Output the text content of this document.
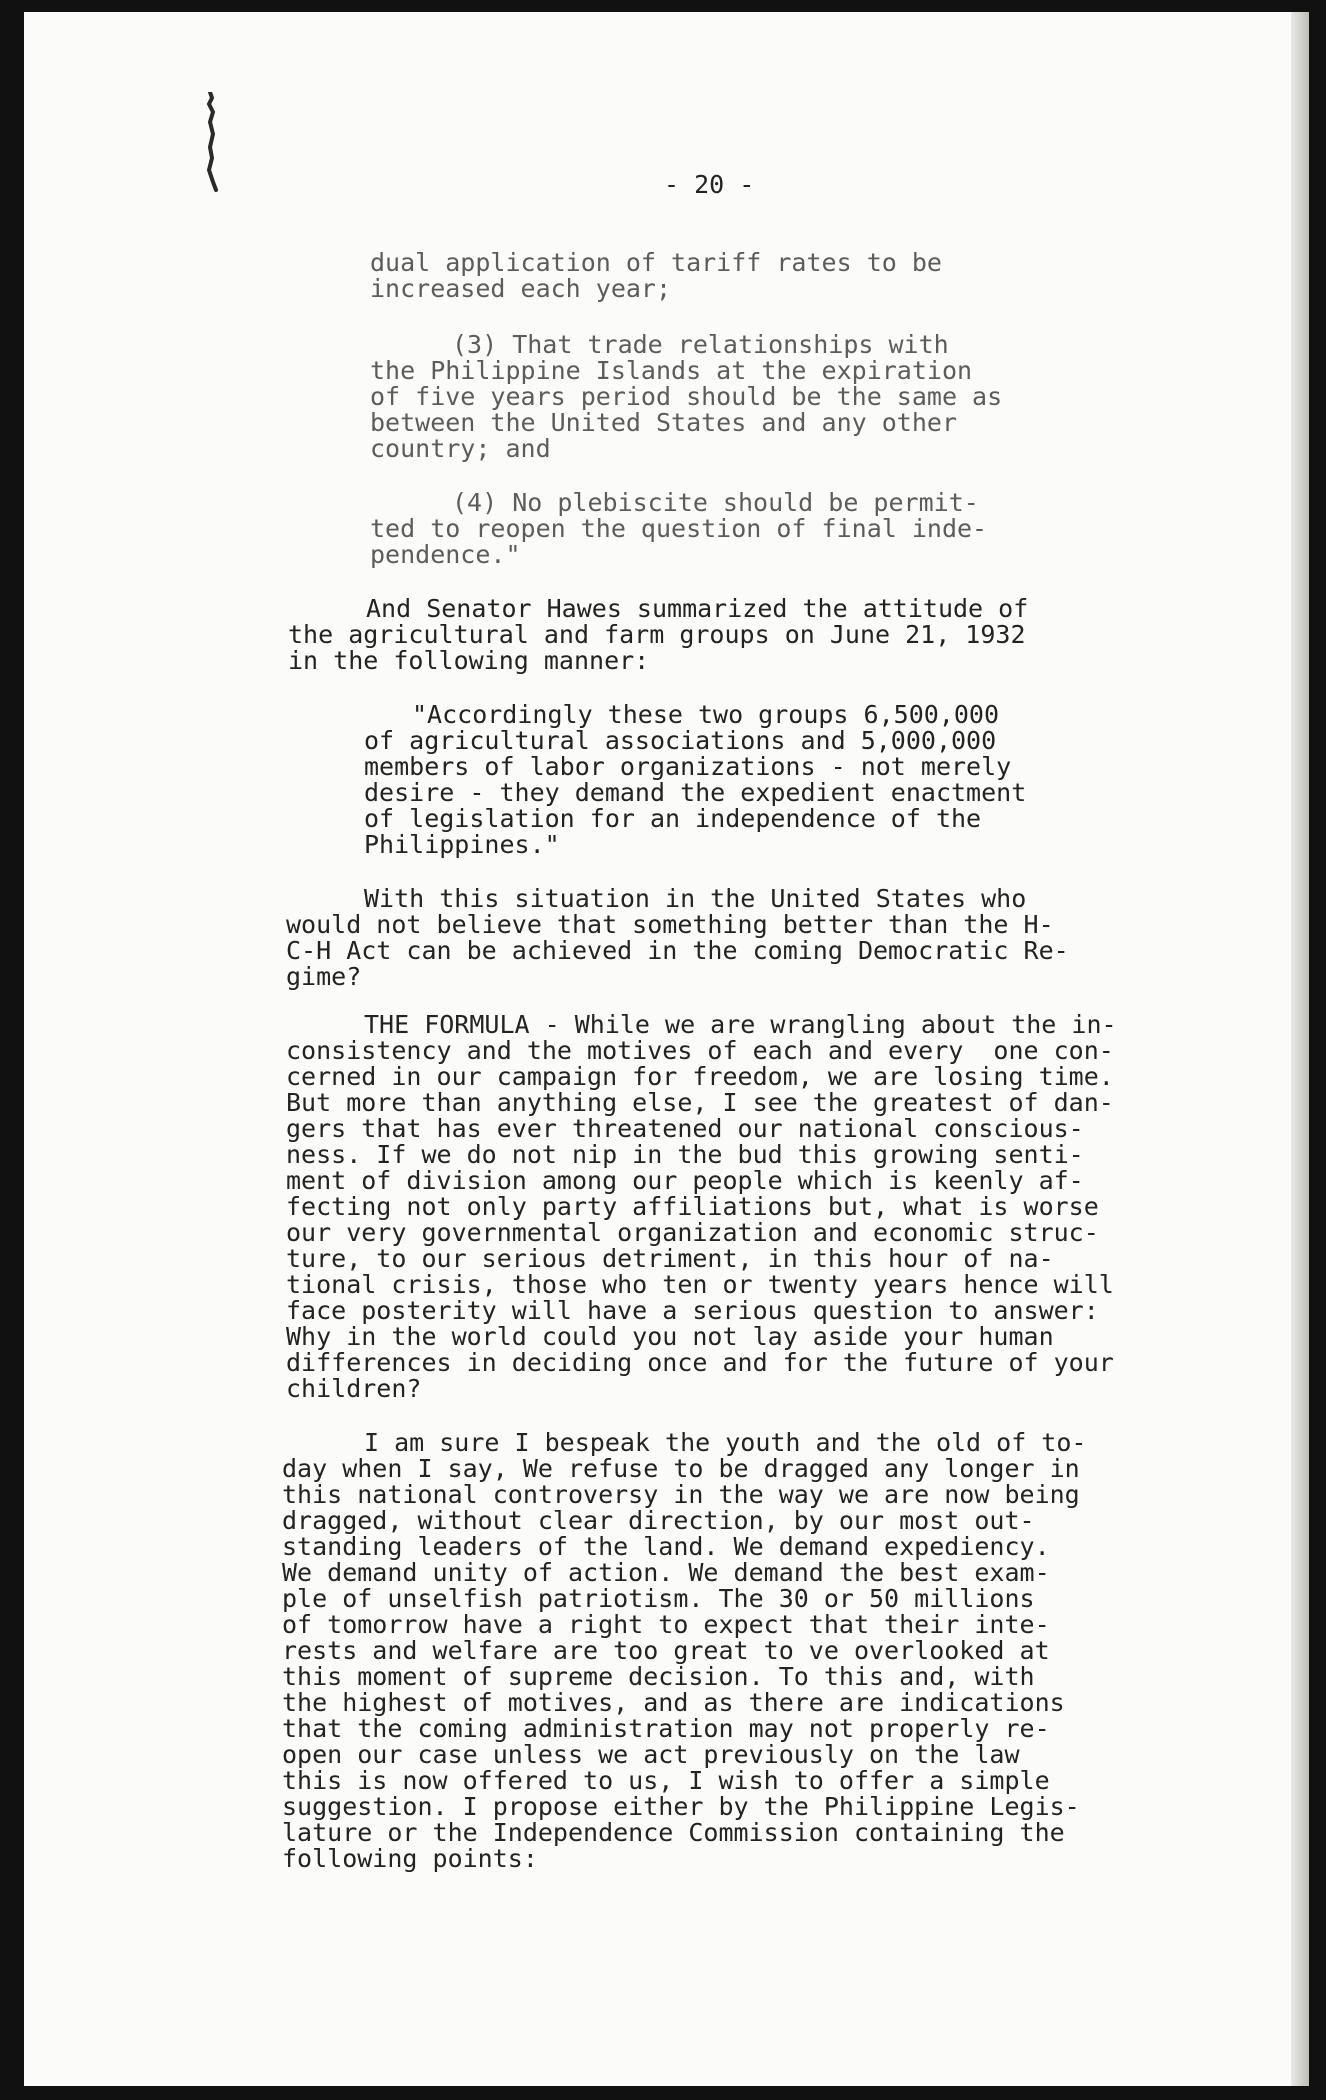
- 20 -
dual application of tariff rates to be
increased each year;
(3) That trade relationships with
the Philippine Islands at the expiration
of five years period should be the same as
between the United States and any other
country; and
(4) No plebiscite should be permit-
ted to reopen the question of final inde-
pendence."
And Senator Hawes summarized the attitude of
the agricultural and farm groups on June 21, 1932
in the following manner:
"Accordingly these two groups 6,500,000
of agricultural associations and 5,000,000
members of labor organizations - not merely
desire - they demand the expedient enactment
of legislation for an independence of the
Philippines."
With this situation in the United States who
would not believe that something better than the H-
C-H Act can be achieved in the coming Democratic Re-
gime?
THE FORMULA - While we are wrangling about the in-
consistency and the motives of each and every  one con-
cerned in our campaign for freedom, we are losing time.
But more than anything else, I see the greatest of dan-
gers that has ever threatened our national conscious-
ness. If we do not nip in the bud this growing senti-
ment of division among our people which is keenly af-
fecting not only party affiliations but, what is worse
our very governmental organization and economic struc-
ture, to our serious detriment, in this hour of na-
tional crisis, those who ten or twenty years hence will
face posterity will have a serious question to answer:
Why in the world could you not lay aside your human
differences in deciding once and for the future of your
children?
I am sure I bespeak the youth and the old of to-
day when I say, We refuse to be dragged any longer in
this national controversy in the way we are now being
dragged, without clear direction, by our most out-
standing leaders of the land. We demand expediency.
We demand unity of action. We demand the best exam-
ple of unselfish patriotism. The 30 or 50 millions
of tomorrow have a right to expect that their inte-
rests and welfare are too great to ve overlooked at
this moment of supreme decision. To this and, with
the highest of motives, and as there are indications
that the coming administration may not properly re-
open our case unless we act previously on the law
this is now offered to us, I wish to offer a simple
suggestion. I propose either by the Philippine Legis-
lature or the Independence Commission containing the
following points:
